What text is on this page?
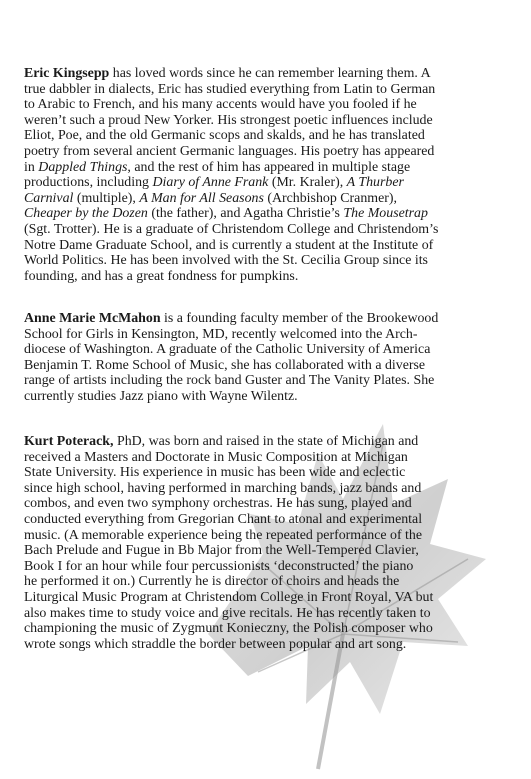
Eric Kingsepp has loved words since he can remember learning them. A
true dabbler in dialects, Eric has studied everything from Latin to German
to Arabic to French, and his many accents would have you fooled if he
weren’t such a proud New Yorker. His strongest poetic influences include
Eliot, Poe, and the old Germanic scops and skalds, and he has translated
poetry from several ancient Germanic languages. His poetry has appeared
in Dappled Things, and the rest of him has appeared in multiple stage
productions, including Diary of Anne Frank (Mr. Kraler), A Thurber
Carnival (multiple), A Man for All Seasons (Archbishop Cranmer),
Cheaper by the Dozen (the father), and Agatha Christie’s The Mousetrap
(Sgt. Trotter). He is a graduate of Christendom College and Christendom’s
Notre Dame Graduate School, and is currently a student at the Institute of
World Politics. He has been involved with the St. Cecilia Group since its
founding, and has a great fondness for pumpkins.

Anne Marie McMahon is a founding faculty member of the Brookewood
School for Girls in Kensington, MD, recently welcomed into the Arch-
diocese of Washington. A graduate of the Catholic University of America
Benjamin T. Rome School of Music, she has collaborated with a diverse
range of artists including the rock band Guster and The Vanity Plates. She
currently studies Jazz piano with Wayne Wilentz.

Kurt Poterack, PhD, was born and raised in the state of Michigan and
received a Masters and Doctorate in Music Composition at Michigan
State University. His experience in music has been wide and eclectic
since high school, having performed in marching bands, jazz bands and
combos, and even two symphony orchestras. He has sung, played and
conducted everything from Gregorian Chant to atonal and experimental
music. (A memorable experience being the repeated performance of the
Bach Prelude and Fugue in Bb Major from the Well-Tempered Clavier,
Book I for an hour while four percussionists ‘deconstructed’ the piano
he performed it on.) Currently he is director of choirs and heads the
Liturgical Music Program at Christendom College in Front Royal, VA but
also makes time to study voice and give recitals. He has recently taken to
championing the music of Zygmunt Konieczny, the Polish composer who
wrote songs which straddle the border between popular and art song.
